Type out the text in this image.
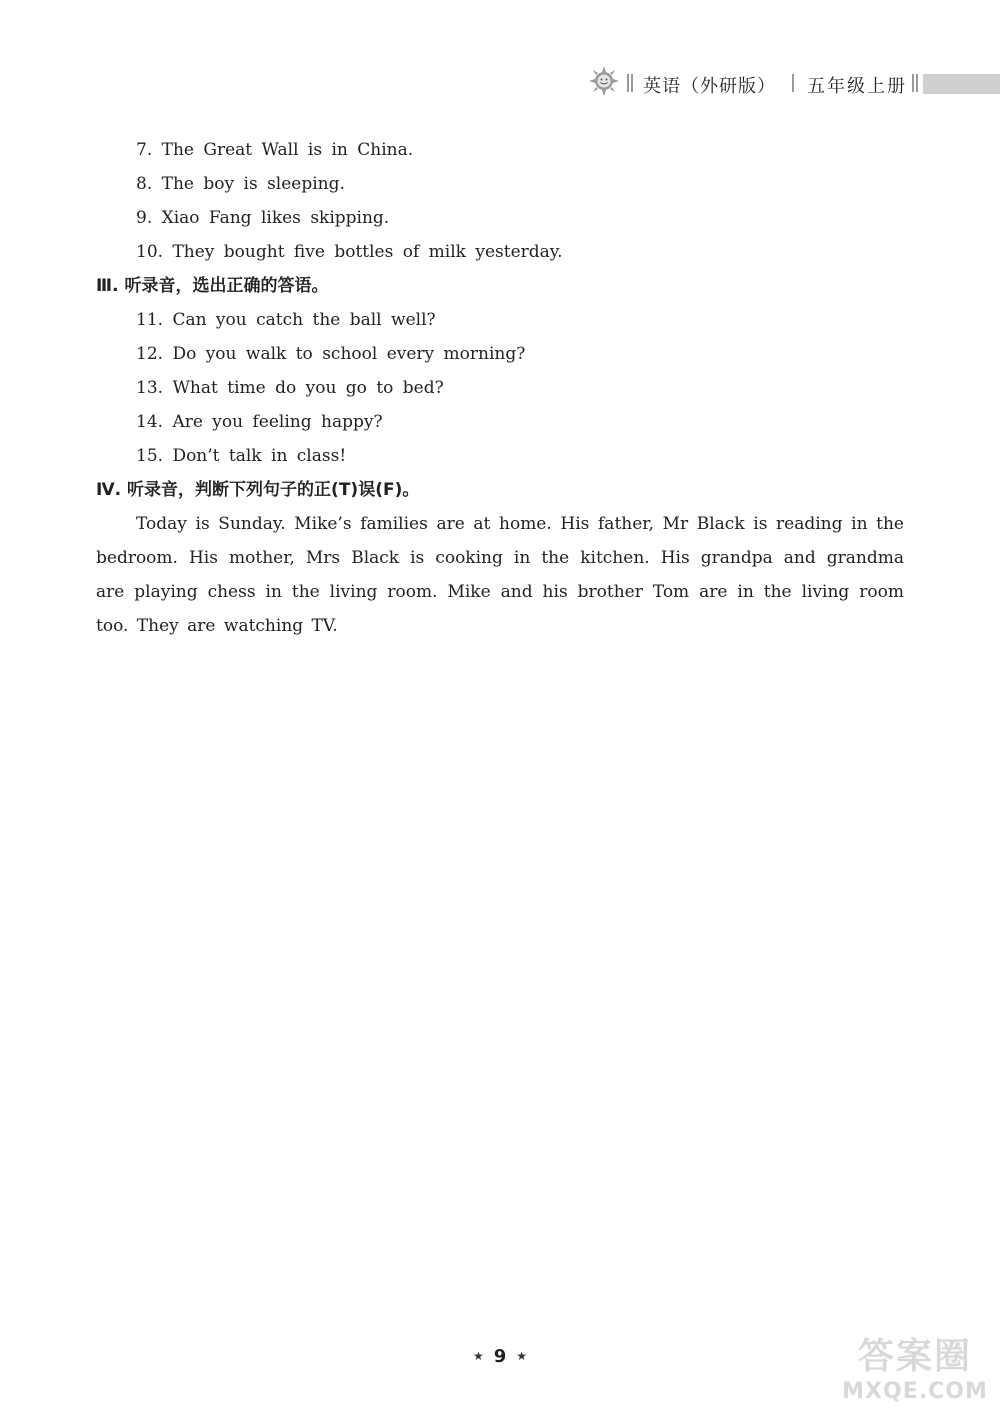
英语（外研版） 五年级上册
7. The Great Wall is in China.
8. The boy is sleeping.
9. Xiao Fang likes skipping.
10. They bought five bottles of milk yesterday.
Ⅲ. 听录音，选出正确的答语。
11. Can you catch the ball well?
12. Do you walk to school every morning?
13. What time do you go to bed?
14. Are you feeling happy?
15. Don’t talk in class!
Ⅳ. 听录音，判断下列句子的正(T)误(F)。
Today is Sunday. Mike’s families are at home. His father, Mr Black is reading in the bedroom. His mother, Mrs Black is cooking in the kitchen. His grandpa and grandma are playing chess in the living room. Mike and his brother Tom are in the living room too. They are watching TV.
★ 9 ★	答案圈
MXQE.COM
